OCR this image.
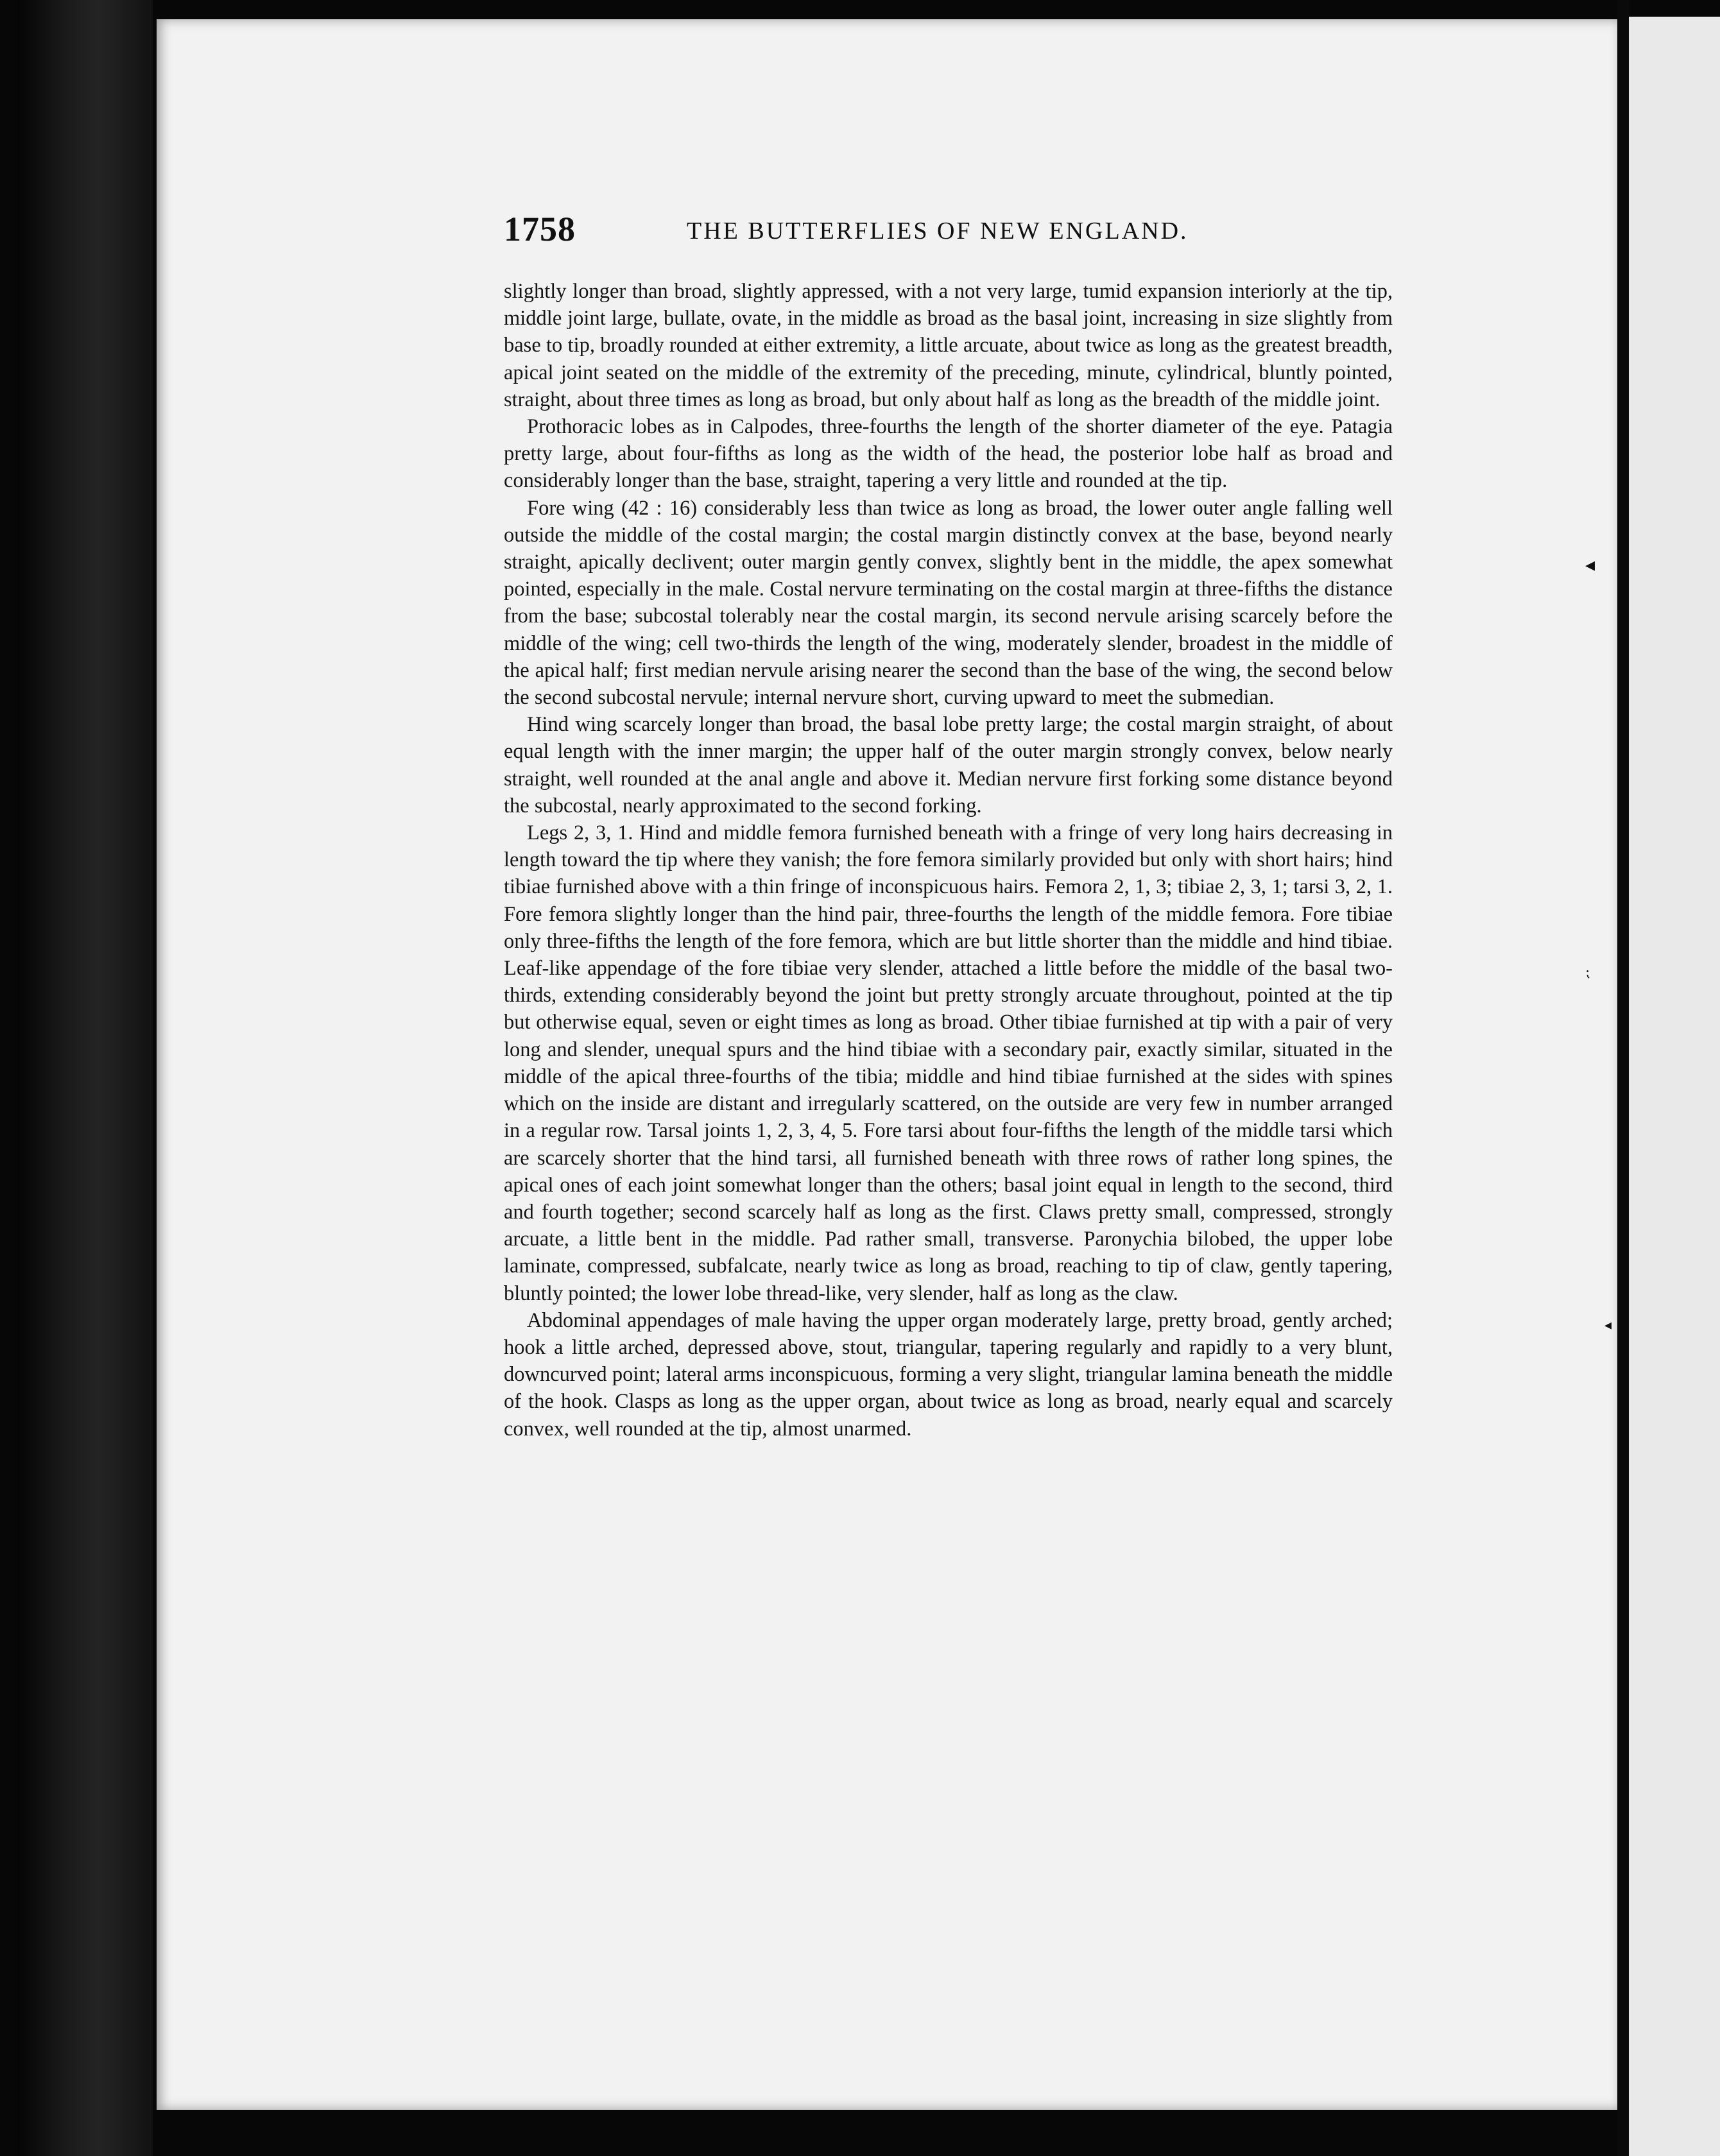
1758	THE BUTTERFLIES OF NEW ENGLAND.

slightly longer than broad, slightly appressed, with a not very large, tumid expansion interiorly at the tip, middle joint large, bullate, ovate, in the middle as broad as the basal joint, increasing in size slightly from base to tip, broadly rounded at either extremity, a little arcuate, about twice as long as the greatest breadth, apical joint seated on the middle of the extremity of the preceding, minute, cylindrical, bluntly pointed, straight, about three times as long as broad, but only about half as long as the breadth of the middle joint.

Prothoracic lobes as in Calpodes, three-fourths the length of the shorter diameter of the eye. Patagia pretty large, about four-fifths as long as the width of the head, the posterior lobe half as broad and considerably longer than the base, straight, tapering a very little and rounded at the tip.

Fore wing (42 : 16) considerably less than twice as long as broad, the lower outer angle falling well outside the middle of the costal margin; the costal margin distinctly convex at the base, beyond nearly straight, apically declivent; outer margin gently convex, slightly bent in the middle, the apex somewhat pointed, especially in the male. Costal nervure terminating on the costal margin at three-fifths the distance from the base; subcostal tolerably near the costal margin, its second nervule arising scarcely before the middle of the wing; cell two-thirds the length of the wing, moderately slender, broadest in the middle of the apical half; first median nervule arising nearer the second than the base of the wing, the second below the second subcostal nervule; internal nervure short, curving upward to meet the submedian.

Hind wing scarcely longer than broad, the basal lobe pretty large; the costal margin straight, of about equal length with the inner margin; the upper half of the outer margin strongly convex, below nearly straight, well rounded at the anal angle and above it. Median nervure first forking some distance beyond the subcostal, nearly approximated to the second forking.

Legs 2, 3, 1. Hind and middle femora furnished beneath with a fringe of very long hairs decreasing in length toward the tip where they vanish; the fore femora similarly provided but only with short hairs; hind tibiae furnished above with a thin fringe of inconspicuous hairs. Femora 2, 1, 3; tibiae 2, 3, 1; tarsi 3, 2, 1. Fore femora slightly longer than the hind pair, three-fourths the length of the middle femora. Fore tibiae only three-fifths the length of the fore femora, which are but little shorter than the middle and hind tibiae. Leaf-like appendage of the fore tibiae very slender, attached a little before the middle of the basal two-thirds, extending considerably beyond the joint but pretty strongly arcuate throughout, pointed at the tip but otherwise equal, seven or eight times as long as broad. Other tibiae furnished at tip with a pair of very long and slender, unequal spurs and the hind tibiae with a secondary pair, exactly similar, situated in the middle of the apical three-fourths of the tibia; middle and hind tibiae furnished at the sides with spines which on the inside are distant and irregularly scattered, on the outside are very few in number arranged in a regular row. Tarsal joints 1, 2, 3, 4, 5. Fore tarsi about four-fifths the length of the middle tarsi which are scarcely shorter that the hind tarsi, all furnished beneath with three rows of rather long spines, the apical ones of each joint somewhat longer than the others; basal joint equal in length to the second, third and fourth together; second scarcely half as long as the first. Claws pretty small, compressed, strongly arcuate, a little bent in the middle. Pad rather small, transverse. Paronychia bilobed, the upper lobe laminate, compressed, subfalcate, nearly twice as long as broad, reaching to tip of claw, gently tapering, bluntly pointed; the lower lobe thread-like, very slender, half as long as the claw.

Abdominal appendages of male having the upper organ moderately large, pretty broad, gently arched; hook a little arched, depressed above, stout, triangular, tapering regularly and rapidly to a very blunt, downcurved point; lateral arms inconspicuous, forming a very slight, triangular lamina beneath the middle of the hook. Clasps as long as the upper organ, about twice as long as broad, nearly equal and scarcely convex, well rounded at the tip, almost unarmed.

◂
⁏
◂
